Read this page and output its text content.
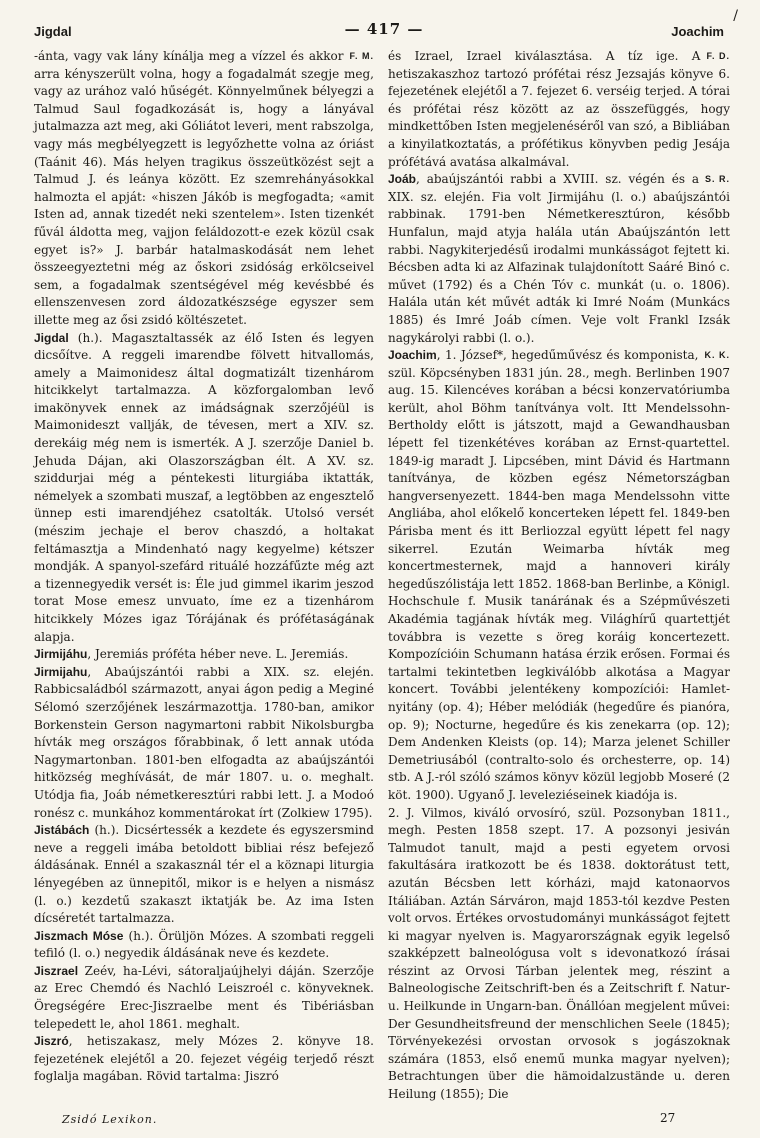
Jigdal	— 417 —	Joachim
/

F. M.
-ánta, vagy vak lány kínálja meg a vízzel és akkor arra kényszerült volna, hogy a fogadalmát szegje meg, vagy az urához való hűségét. Könnyelműnek bélyegzi a Talmud Saul fogadkozását is, hogy a lányával jutalmazza azt meg, aki Góliátot leveri, ment rabszolga, vagy más megbélyegzett is legyőzhette volna az óriást (Taánit 46). Más helyen tragikus összeütközést sejt a Talmud J. és leánya között. Ez szemrehányásokkal halmozta el apját: «hiszen Jákób is megfogadta; «amit Isten ad, annak tizedét neki szentelem». Isten tizenkét fűvál áldotta meg, vajjon feláldozott-e ezek közül csak egyet is?» J. barbár hatalmaskodását nem lehet összeegyeztetni még az őskori zsidóság erkölcseivel sem, a fogadalmak szentségével még kevésbbé és ellenszenvesen zord áldozatkészsége egyszer sem illette meg az ősi zsidó költészetet.

Jigdal (h.). Magasztaltassék az élő Isten és legyen dicsőítve. A reggeli imarendbe fölvett hitvallomás, amely a Maimonidesz által dogmatizált tizenhárom hitcikkelyt tartalmazza. A közforgalomban levő imakönyvek ennek az imádságnak szerzőjéül is Maimonideszt vallják, de tévesen, mert a XIV. sz. derekáig még nem is ismerték. A J. szerzője Daniel b. Jehuda Dájan, aki Olaszországban élt. A XV. sz. sziddurjai még a péntekesti liturgiába iktatták, némelyek a szombati muszaf, a legtöbben az engesztelő ünnep esti imarendjéhez csatolták. Utolsó versét (mészim jechaje el berov chaszdó, a holtakat feltámasztja a Mindenható nagy kegyelme) kétszer mondják. A spanyol-szefárd rituálé hozzáfűzte még azt a tizennegyedik versét is: Éle jud gimmel ikarim jeszod torat Mose emesz unvuato, íme ez a tizenhárom hitcikkely Mózes igaz Tórájának és prófétaságának alapja.

Jirmijáhu, Jeremiás próféta héber neve. L. Jeremiás.

Jirmijahu, Abaújszántói rabbi a XIX. sz. elején. Rabbicsaládból származott, anyai ágon pedig a Meginé Sélomó szerzőjének leszármazottja. 1780-ban, amikor Borkenstein Gerson nagymartoni rabbit Nikolsburgba hívták meg országos főrabbinak, ő lett annak utóda Nagymartonban. 1801-ben elfogadta az abaújszántói hitközség meghívását, de már 1807. u. o. meghalt. Utódja fia, Joáb németkeresztúri rabbi lett. J. a Modoó ronész c. munkához kommentárokat írt (Zolkiew 1795).

Jistábách (h.). Dicsértessék a kezdete és egyszersmind neve a reggeli imába betoldott bibliai rész befejező áldásának. Ennél a szakasznál tér el a köznapi liturgia lényegében az ünnepitől, mikor is e helyen a nismász (l. o.) kezdetű szakaszt iktatják be. Az ima Isten dícséretét tartalmazza.

Jiszmach Móse (h.). Örüljön Mózes. A szombati reggeli tefiló (l. o.) negyedik áldásának neve és kezdete.

Jiszrael Zeév, ha-Lévi, sátoraljaújhelyi dáján. Szerzője az Erec Chemdó és Nachló Leiszroél c. könyveknek. Öregségére Erec-Jiszraelbe ment és Tibériásban telepedett le, ahol 1861. meghalt.

Jiszró, hetiszakasz, mely Mózes 2. könyve 18. fejezetének elejétől a 20. fejezet végéig terjedő részt foglalja magában. Rövid tartalma: Jiszró

F. D.
és Izrael, Izrael kiválasztása. A tíz ige. A hetiszakaszhoz tartozó prófétai rész Jezsajás könyve 6. fejezetének elejétől a 7. fejezet 6. verséig terjed. A tórai és prófétai rész között az az összefüggés, hogy mindkettőben Isten megjelenéséről van szó, a Bibliában a kinyilatkoztatás, a prófétikus könyvben pedig Jesája prófétává avatása alkalmával.

S. R.
Joáb, abaújszántói rabbi a XVIII. sz. végén és a XIX. sz. elején. Fia volt Jirmijáhu (l. o.) abaújszántói rabbinak. 1791-ben Németkeresztúron, később Hunfalun, majd atyja halála után Abaújszántón lett rabbi. Nagykiterjedésű irodalmi munkásságot fejtett ki. Bécsben adta ki az Alfazinak tulajdonított Saáré Binó c. művet (1792) és a Chén Tóv c. munkát (u. o. 1806). Halála után két művét adták ki Imré Noám (Munkács 1885) és Imré Joáb címen. Veje volt Frankl Izsák nagykárolyi rabbi (l. o.).

K. K.
Joachim, 1. József*, hegedűművész és komponista, szül. Köpcsényben 1831 jún. 28., megh. Berlinben 1907 aug. 15. Kilencéves korában a bécsi konzervatóriumba került, ahol Böhm tanítványa volt. Itt Mendelssohn-Bertholdy előtt is játszott, majd a Gewandhausban lépett fel tizenkétéves korában az Ernst-quartettel. 1849-ig maradt J. Lipcsében, mint Dávid és Hartmann tanítványa, de közben egész Németországban hangversenyezett. 1844-ben maga Mendelssohn vitte Angliába, ahol előkelő koncerteken lépett fel. 1849-ben Párisba ment és itt Berliozzal együtt lépett fel nagy sikerrel. Ezután Weimarba hívták meg koncertmesternek, majd a hannoveri király hegedűszólistája lett 1852. 1868-ban Berlinbe, a Königl. Hochschule f. Musik tanárának és a Szépművészeti Akadémia tagjának hívták meg. Világhírű quartettjét továbbra is vezette s öreg koráig koncertezett. Kompozícióin Schumann hatása érzik erősen. Formai és tartalmi tekintetben legkiválóbb alkotása a Magyar koncert. További jelentékeny kompozíciói: Hamlet-nyitány (op. 4); Héber melódiák (hegedűre és pianóra, op. 9); Nocturne, hegedűre és kis zenekarra (op. 12); Dem Andenken Kleists (op. 14); Marza jelenet Schiller Demetriusából (contralto-solo és orchesterre, op. 14) stb. A J.-ról szóló számos könyv közül legjobb Moseré (2 köt. 1900). Ugyanő J. leveleziéseinek kiadója is.

2. J. Vilmos, kiváló orvosíró, szül. Pozsonyban 1811., megh. Pesten 1858 szept. 17. A pozsonyi jesiván Talmudot tanult, majd a pesti egyetem orvosi fakultására iratkozott be és 1838. doktorátust tett, azután Bécsben lett kórházi, majd katonaorvos Itáliában. Aztán Sárváron, majd 1853-tól kezdve Pesten volt orvos. Értékes orvostudományi munkásságot fejtett ki magyar nyelven is. Magyarországnak egyik legelső szakképzett balneológusa volt s idevonatkozó írásai részint az Orvosi Tárban jelentek meg, részint a Balneologische Zeitschrift-ben és a Zeitschrift f. Natur- u. Heilkunde in Ungarn-ban. Önállóan megjelent művei: Der Gesundheitsfreund der menschlichen Seele (1845); Törvényekezési orvostan orvosok s jogászoknak számára (1853, első enemű munka magyar nyelven); Betrachtungen über die hämoidalzustände u. deren Heilung (1855); Die

Zsidó Lexikon.	27
